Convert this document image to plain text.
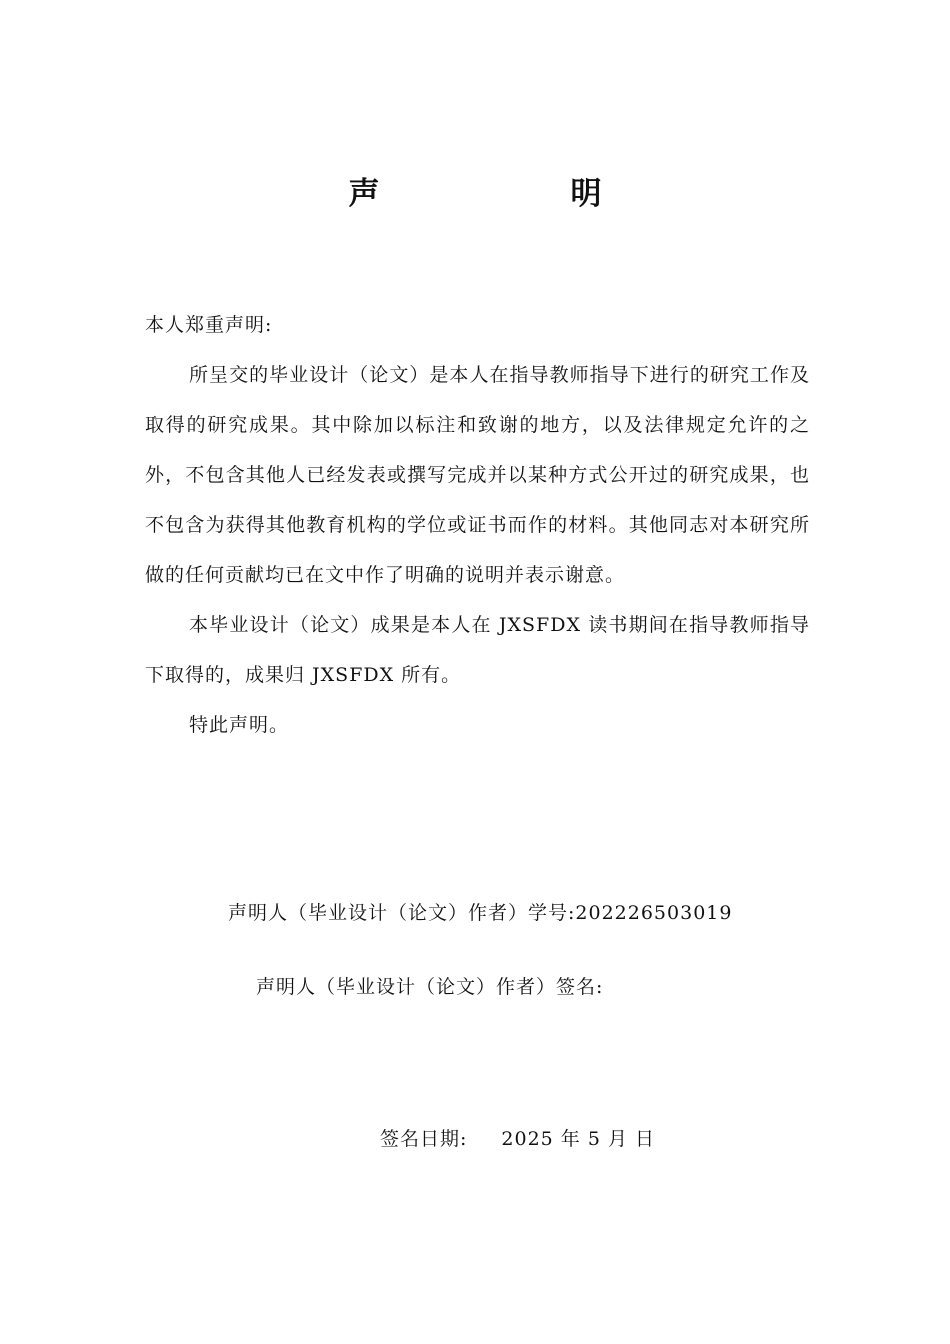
声　明

本人郑重声明:

所呈交的毕业设计（论文）是本人在指导教师指导下进行的研究工作及取得的研究成果。其中除加以标注和致谢的地方，以及法律规定允许的之外，不包含其他人已经发表或撰写完成并以某种方式公开过的研究成果，也不包含为获得其他教育机构的学位或证书而作的材料。其他同志对本研究所做的任何贡献均已在文中作了明确的说明并表示谢意。

本毕业设计（论文）成果是本人在 JXSFDX 读书期间在指导教师指导下取得的，成果归 JXSFDX 所有。

特此声明。

声明人（毕业设计（论文）作者）学号:202226503019
声明人（毕业设计（论文）作者）签名:
签名日期: 2025 年 5 月 日
